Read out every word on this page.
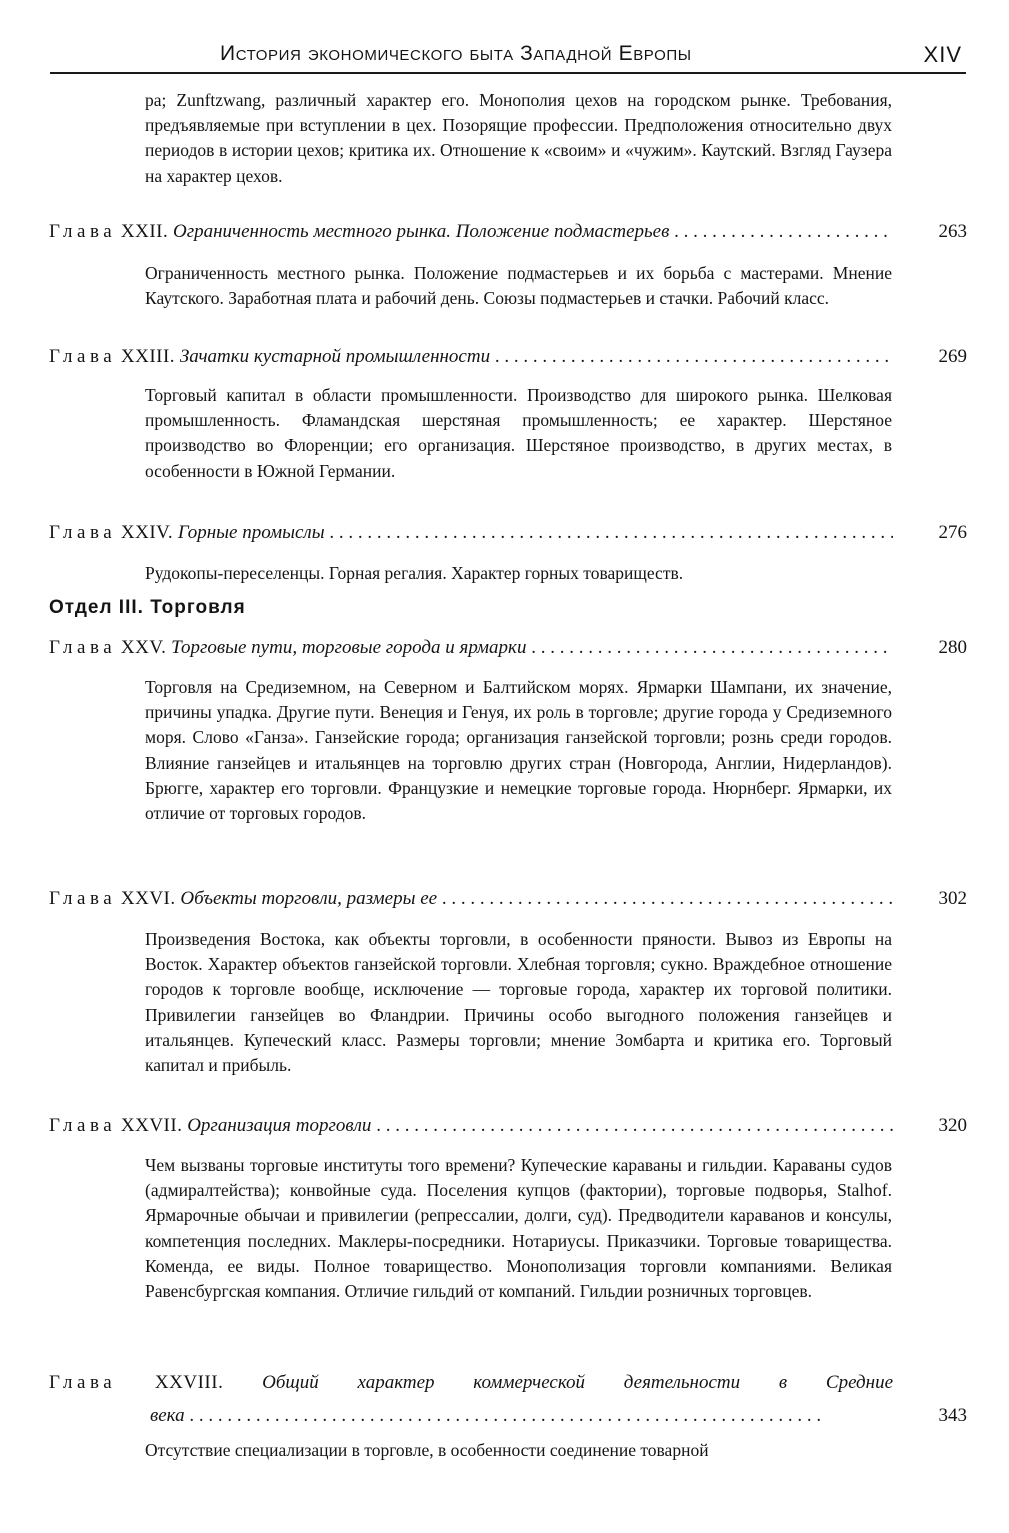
История экономического быта Западной Европы	XIV
ра; Zunftzwang, различный характер его. Монополия цехов на городском рынке. Требования, предъявляемые при вступлении в цех. Позорящие профессии. Предположения относительно двух периодов в истории цехов; критика их. Отношение к «своим» и «чужим». Каутский. Взгляд Гаузера на характер цехов.
Глава XXII. Ограниченность местного рынка. Положение подмастерьев . . .	263
Ограниченность местного рынка. Положение подмастерьев и их борьба с мастерами. Мнение Каутского. Заработная плата и рабочий день. Союзы подмастерьев и стачки. Рабочий класс.
Глава XXIII. Зачатки кустарной промышленности . . .	269
Торговый капитал в области промышленности. Производство для широкого рынка. Шелковая промышленность. Фламандская шерстяная промышленность; ее характер. Шерстяное производство во Флоренции; его организация. Шерстяное производство, в других местах, в особенности в Южной Германии.
Глава XXIV. Горные промыслы . . .	276
Рудокопы-переселенцы. Горная регалия. Характер горных товариществ.
Отдел III. Торговля
Глава XXV. Торговые пути, торговые города и ярмарки . . .	280
Торговля на Средиземном, на Северном и Балтийском морях. Ярмарки Шампани, их значение, причины упадка. Другие пути. Венеция и Генуя, их роль в торговле; другие города у Средиземного моря. Слово «Ганза». Ганзейские города; организация ганзейской торговли; рознь среди городов. Влияние ганзейцев и итальянцев на торговлю других стран (Новгорода, Англии, Нидерландов). Брюгге, характер его торговли. Французкие и немецкие торговые города. Нюрнберг. Ярмарки, их отличие от торговых городов.
Глава XXVI. Объекты торговли, размеры ее . . .	302
Произведения Востока, как объекты торговли, в особенности пряности. Вывоз из Европы на Восток. Характер объектов ганзейской торговли. Хлебная торговля; сукно. Враждебное отношение городов к торговле вообще, исключение — торговые города, характер их торговой политики. Привилегии ганзейцев во Фландрии. Причины особо выгодного положения ганзейцев и итальянцев. Купеческий класс. Размеры торговли; мнение Зомбарта и критика его. Торговый капитал и прибыль.
Глава XXVII. Организация торговли . . .	320
Чем вызваны торговые институты того времени? Купеческие караваны и гильдии. Караваны судов (адмиралтейства); конвойные суда. Поселения купцов (фактории), торговые подворья, Stalhof. Ярмарочные обычаи и привилегии (репрессалии, долги, суд). Предводители караванов и консулы, компетенция последних. Маклеры-посредники. Нотариусы. Приказчики. Торговые товарищества. Коменда, ее виды. Полное товарищество. Монополизация торговли компаниями. Великая Равенсбургская компания. Отличие гильдий от компаний. Гильдии розничных торговцев.
Глава XXVIII. Общий характер коммерческой деятельности в Средние
века . . .	343
Отсутствие специализации в торговле, в особенности соединение товарной
